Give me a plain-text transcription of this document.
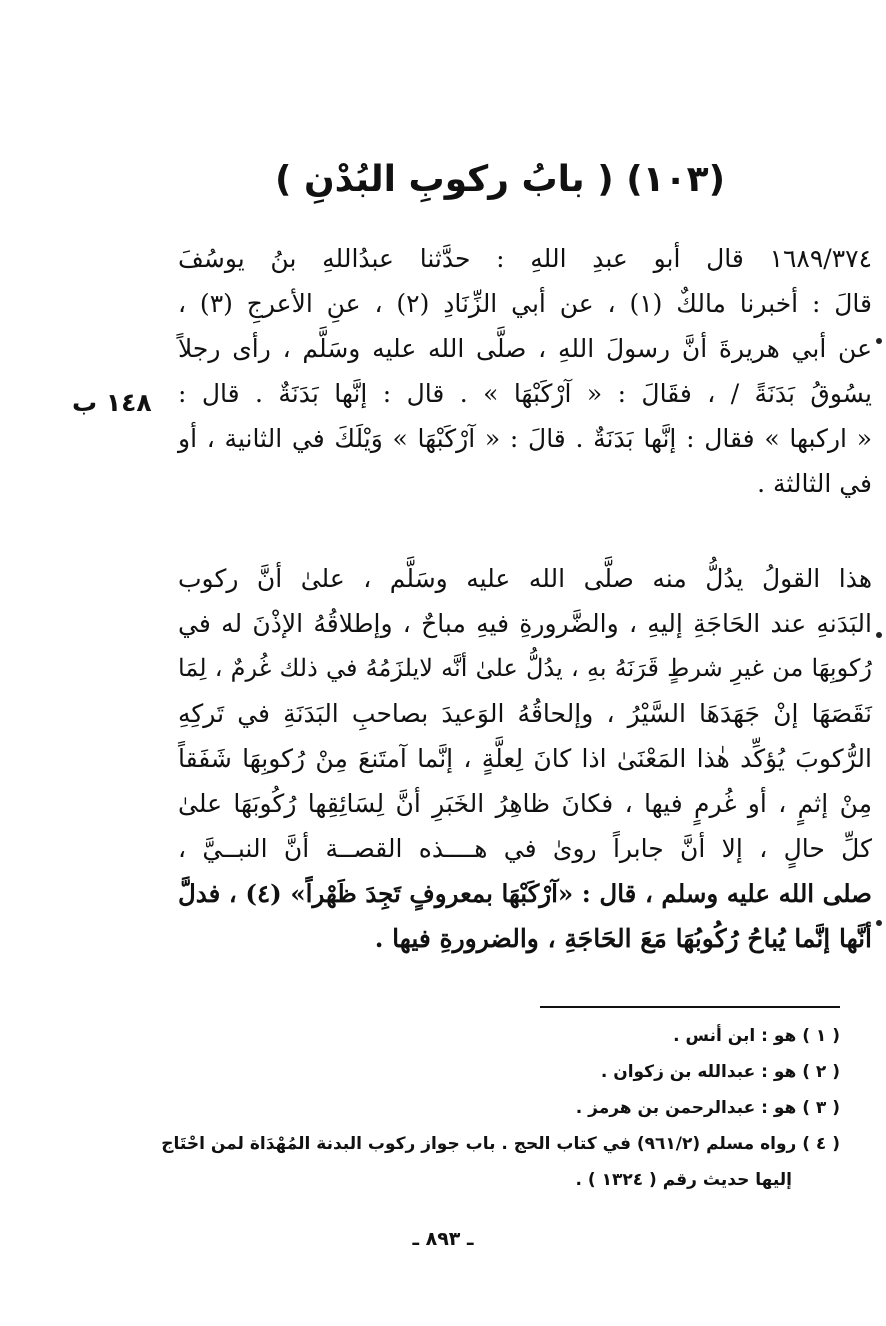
(١٠٣) ( بابُ ركوبِ البُدْنِ )
١٦٨٩/٣٧٤ قال أبو عبدِ اللهِ : حدَّثنا عبدُاللهِ بنُ يوسُفَ
قالَ : أخبرنا مالكٌ (١) ، عن أبي الزِّنَادِ (٢) ، عنِ الأعرجِ (٣) ،
عن أبي هريرةَ أنَّ رسولَ اللهِ ، صلَّى الله عليه وسَلَّم ، رأى رجلاً
يسُوقُ بَدَنَةً / ، فقَالَ : « آرْكَبْهَا » . قال : إنَّها بَدَنَةٌ . قال :
« اركبها » فقال : إنَّها بَدَنَةٌ . قالَ : « آرْكَبْهَا » وَيْلَكَ في الثانية ، أو
في الثالثة .
١٤٨ ب
هذا القولُ يدُلُّ منه صلَّى الله عليه وسَلَّم ، علىٰ أنَّ ركوب
البَدَنهِ عند الحَاجَةِ إليهِ ، والضَّرورةِ فيهِ مباحٌ ، وإطلاقُهُ الإذْنَ له في
رُكوبِهَا من غيرِ شرطٍ قَرَنَهُ بهِ ، يدُلُّ علىٰ أنَّه لايلزَمُهُ في ذلك غُرمٌ ، لِمَا
نَقَصَهَا إنْ جَهَدَهَا السَّيْرُ ، وإلحاقُهُ الوَعيدَ بصاحبِ البَدَنَةِ في تَركِهِ
الرُّكوبَ يُؤكِّد هٰذا المَعْنَىٰ اذا كانَ لِعلَّةٍ ، إنَّما آمتَنعَ مِنْ رُكوبِهَا شَفَقاً
مِنْ إثمٍ ، أو غُرمٍ فيها ، فكانَ ظاهِرُ الخَبَرِ أنَّ لِسَائِقِها رُكُوبَهَا علىٰ
كلِّ حالٍ ، إلا أنَّ جابراً روىٰ في هــــذه القصــة أنَّ النبــيَّ ،
صلى الله عليه وسلم ، قال : «آرْكَبْهَا بمعروفٍ تَجِدَ ظَهْراً» (٤) ، فدلَّ
أنَّها إنَّما يُباحُ رُكُوبُهَا مَعَ الحَاجَةِ ، والضرورةِ فيها .
( ١ ) هو : ابن أنس .
( ٢ ) هو : عبدالله بن زكوان .
( ٣ ) هو : عبدالرحمن بن هرمز .
( ٤ ) رواه مسلم (٩٦١/٢) في كتاب الحج . باب جواز ركوب البدنة المُهْدَاة لمن احْتَاج
إليها حديث رقم ( ١٣٢٤ ) .
ـ ٨٩٣ ـ
